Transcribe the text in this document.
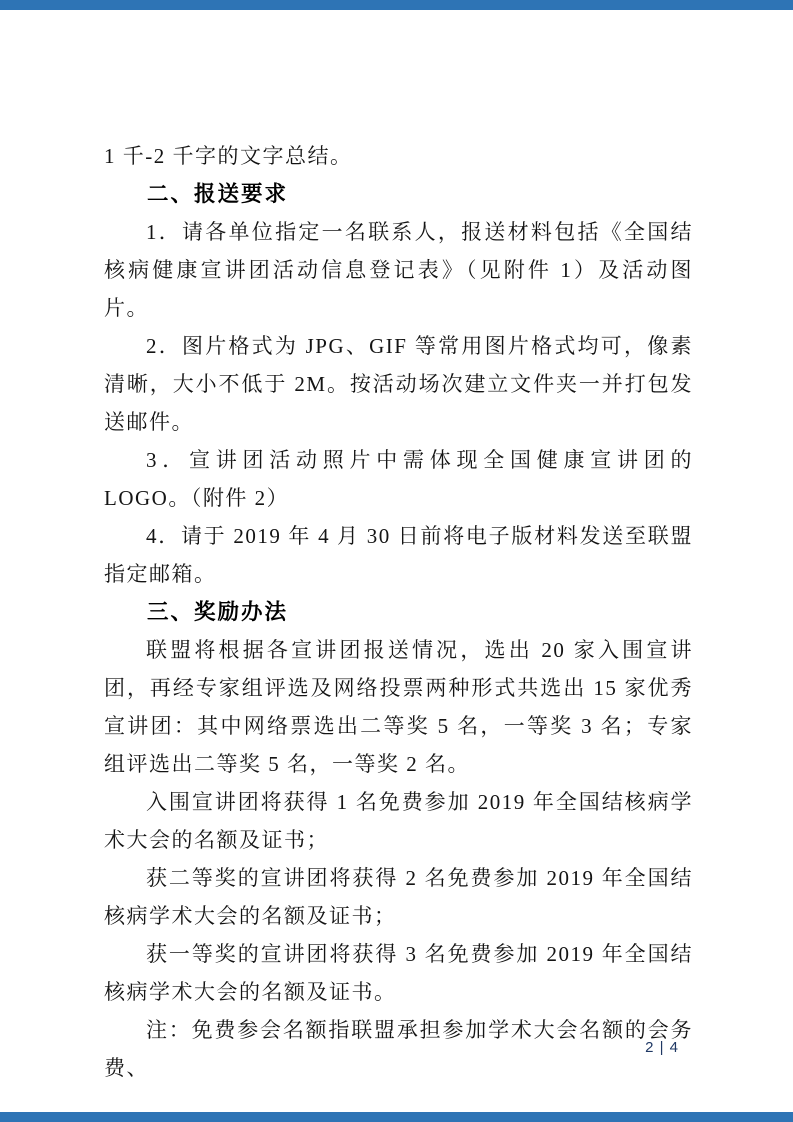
1 千-2 千字的文字总结。

二、报送要求

1．请各单位指定一名联系人，报送材料包括《全国结核病健康宣讲团活动信息登记表》（见附件 1）及活动图片。

2．图片格式为 JPG、GIF 等常用图片格式均可，像素清晰，大小不低于 2M。按活动场次建立文件夹一并打包发送邮件。

3．宣讲团活动照片中需体现全国健康宣讲团的 LOGO。（附件 2）

4．请于 2019 年 4 月 30 日前将电子版材料发送至联盟指定邮箱。

三、奖励办法

联盟将根据各宣讲团报送情况，选出 20 家入围宣讲团，再经专家组评选及网络投票两种形式共选出 15 家优秀宣讲团：其中网络票选出二等奖 5 名，一等奖 3 名；专家组评选出二等奖 5 名，一等奖 2 名。

入围宣讲团将获得 1 名免费参加 2019 年全国结核病学术大会的名额及证书；

获二等奖的宣讲团将获得 2 名免费参加 2019 年全国结核病学术大会的名额及证书；

获一等奖的宣讲团将获得 3 名免费参加 2019 年全国结核病学术大会的名额及证书。

注：免费参会名额指联盟承担参加学术大会名额的会务费、

2 | 4
